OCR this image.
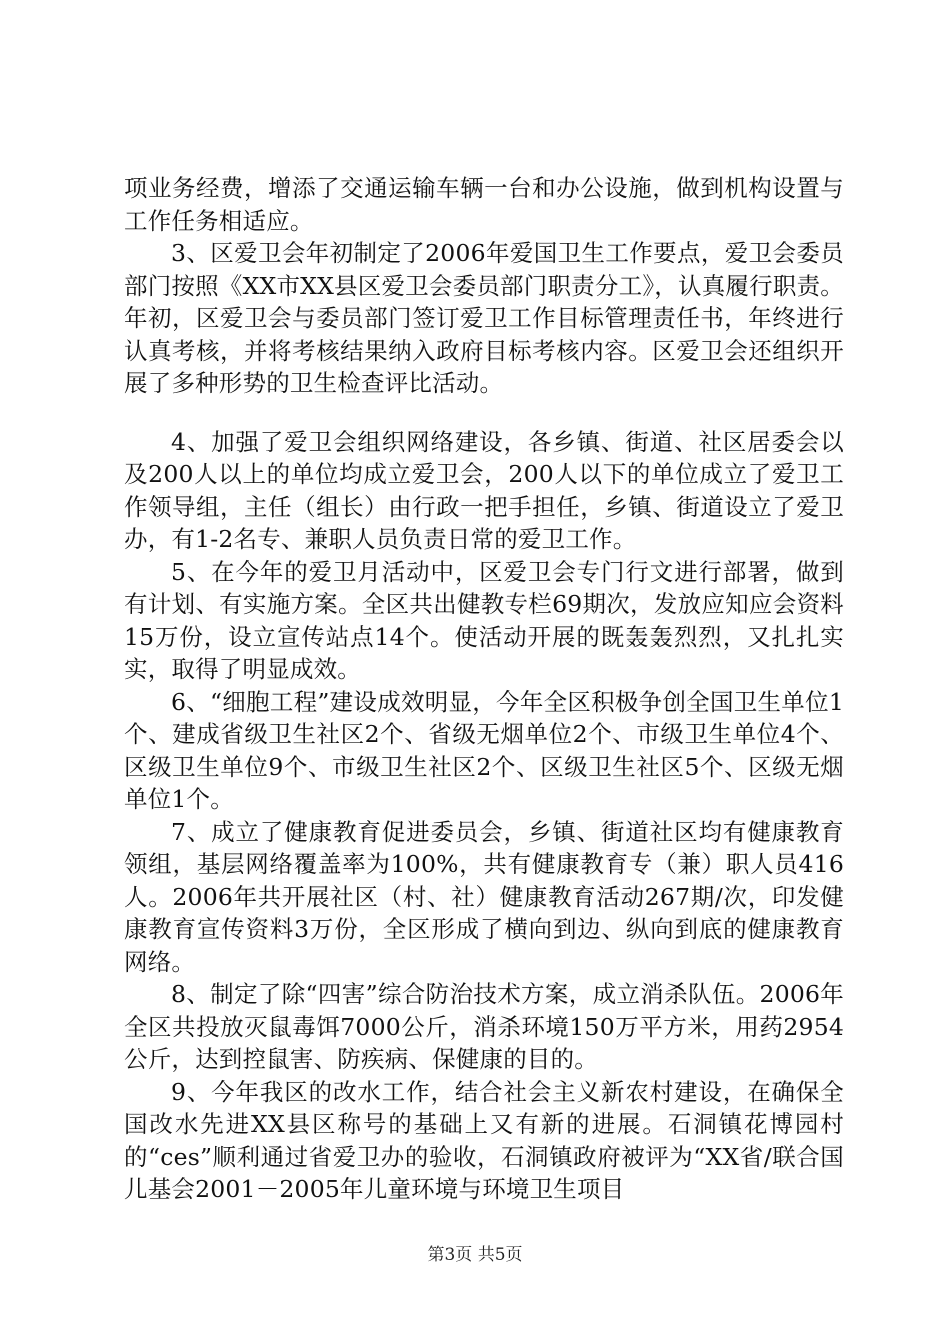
项业务经费，增添了交通运输车辆一台和办公设施，做到机构设置与工作任务相适应。

3、区爱卫会年初制定了2006年爱国卫生工作要点，爱卫会委员部门按照《XX市XX县区爱卫会委员部门职责分工》，认真履行职责。年初，区爱卫会与委员部门签订爱卫工作目标管理责任书，年终进行认真考核，并将考核结果纳入政府目标考核内容。区爱卫会还组织开展了多种形势的卫生检查评比活动。

4、加强了爱卫会组织网络建设，各乡镇、街道、社区居委会以及200人以上的单位均成立爱卫会，200人以下的单位成立了爱卫工作领导组，主任（组长）由行政一把手担任，乡镇、街道设立了爱卫办，有1-2名专、兼职人员负责日常的爱卫工作。

5、在今年的爱卫月活动中，区爱卫会专门行文进行部署，做到有计划、有实施方案。全区共出健教专栏69期次，发放应知应会资料15万份，设立宣传站点14个。使活动开展的既轰轰烈烈，又扎扎实实，取得了明显成效。

6、“细胞工程”建设成效明显，今年全区积极争创全国卫生单位1个、建成省级卫生社区2个、省级无烟单位2个、市级卫生单位4个、区级卫生单位9个、市级卫生社区2个、区级卫生社区5个、区级无烟单位1个。

7、成立了健康教育促进委员会，乡镇、街道社区均有健康教育领组，基层网络覆盖率为100%，共有健康教育专（兼）职人员416人。2006年共开展社区（村、社）健康教育活动267期/次，印发健康教育宣传资料3万份，全区形成了横向到边、纵向到底的健康教育网络。

8、制定了除“四害”综合防治技术方案，成立消杀队伍。2006年全区共投放灭鼠毒饵7000公斤，消杀环境150万平方米，用药2954公斤，达到控鼠害、防疾病、保健康的目的。

9、今年我区的改水工作，结合社会主义新农村建设，在确保全国改水先进XX县区称号的基础上又有新的进展。石洞镇花博园村的“ces”顺利通过省爱卫办的验收，石洞镇政府被评为“XX省/联合国儿基会2001－2005年儿童环境与环境卫生项目

第3页 共5页
